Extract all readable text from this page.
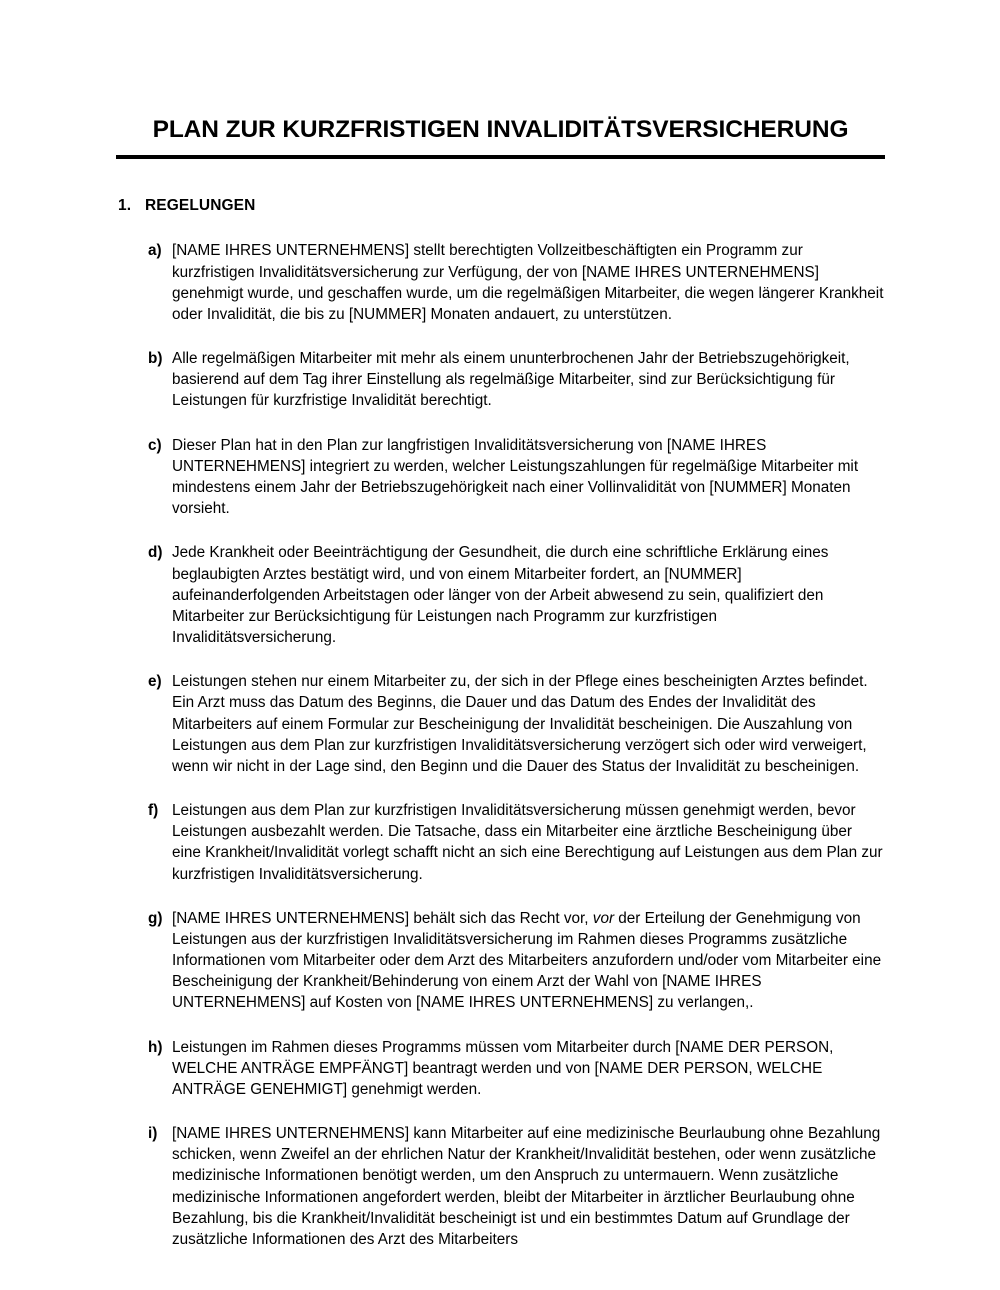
PLAN ZUR KURZFRISTIGEN INVALIDITÄTSVERSICHERUNG
1. REGELUNGEN
a) [NAME IHRES UNTERNEHMENS] stellt berechtigten Vollzeitbeschäftigten ein Programm zur kurzfristigen Invaliditätsversicherung zur Verfügung, der von [NAME IHRES UNTERNEHMENS] genehmigt wurde, und geschaffen wurde, um die regelmäßigen Mitarbeiter, die wegen längerer Krankheit oder Invalidität, die bis zu [NUMMER] Monaten andauert, zu unterstützen.
b) Alle regelmäßigen Mitarbeiter mit mehr als einem ununterbrochenen Jahr der Betriebszugehörigkeit, basierend auf dem Tag ihrer Einstellung als regelmäßige Mitarbeiter, sind zur Berücksichtigung für Leistungen für kurzfristige Invalidität berechtigt.
c) Dieser Plan hat in den Plan zur langfristigen Invaliditätsversicherung von [NAME IHRES UNTERNEHMENS] integriert zu werden, welcher Leistungszahlungen für regelmäßige Mitarbeiter mit mindestens einem Jahr der Betriebszugehörigkeit nach einer Vollinvalidität von [NUMMER] Monaten vorsieht.
d) Jede Krankheit oder Beeinträchtigung der Gesundheit, die durch eine schriftliche Erklärung eines beglaubigten Arztes bestätigt wird, und von einem Mitarbeiter fordert, an [NUMMER] aufeinanderfolgenden Arbeitstagen oder länger von der Arbeit abwesend zu sein, qualifiziert den Mitarbeiter zur Berücksichtigung für Leistungen nach Programm zur kurzfristigen Invaliditätsversicherung.
e) Leistungen stehen nur einem Mitarbeiter zu, der sich in der Pflege eines bescheinigten Arztes befindet. Ein Arzt muss das Datum des Beginns, die Dauer und das Datum des Endes der Invalidität des Mitarbeiters auf einem Formular zur Bescheinigung der Invalidität bescheinigen. Die Auszahlung von Leistungen aus dem Plan zur kurzfristigen Invaliditätsversicherung verzögert sich oder wird verweigert, wenn wir nicht in der Lage sind, den Beginn und die Dauer des Status der Invalidität zu bescheinigen.
f) Leistungen aus dem Plan zur kurzfristigen Invaliditätsversicherung müssen genehmigt werden, bevor Leistungen ausbezahlt werden. Die Tatsache, dass ein Mitarbeiter eine ärztliche Bescheinigung über eine Krankheit/Invalidität vorlegt schafft nicht an sich eine Berechtigung auf Leistungen aus dem Plan zur kurzfristigen Invaliditätsversicherung.
g) [NAME IHRES UNTERNEHMENS] behält sich das Recht vor, vor der Erteilung der Genehmigung von Leistungen aus der kurzfristigen Invaliditätsversicherung im Rahmen dieses Programms zusätzliche Informationen vom Mitarbeiter oder dem Arzt des Mitarbeiters anzufordern und/oder vom Mitarbeiter eine Bescheinigung der Krankheit/Behinderung von einem Arzt der Wahl von [NAME IHRES UNTERNEHMENS] auf Kosten von [NAME IHRES UNTERNEHMENS] zu verlangen,.
h) Leistungen im Rahmen dieses Programms müssen vom Mitarbeiter durch [NAME DER PERSON, WELCHE ANTRÄGE EMPFÄNGT] beantragt werden und von [NAME DER PERSON, WELCHE ANTRÄGE GENEHMIGT] genehmigt werden.
i) [NAME IHRES UNTERNEHMENS] kann Mitarbeiter auf eine medizinische Beurlaubung ohne Bezahlung schicken, wenn Zweifel an der ehrlichen Natur der Krankheit/Invalidität bestehen, oder wenn zusätzliche medizinische Informationen benötigt werden, um den Anspruch zu untermauern. Wenn zusätzliche medizinische Informationen angefordert werden, bleibt der Mitarbeiter in ärztlicher Beurlaubung ohne Bezahlung, bis die Krankheit/Invalidität bescheinigt ist und ein bestimmtes Datum auf Grundlage der zusätzliche Informationen des Arzt des Mitarbeiters
